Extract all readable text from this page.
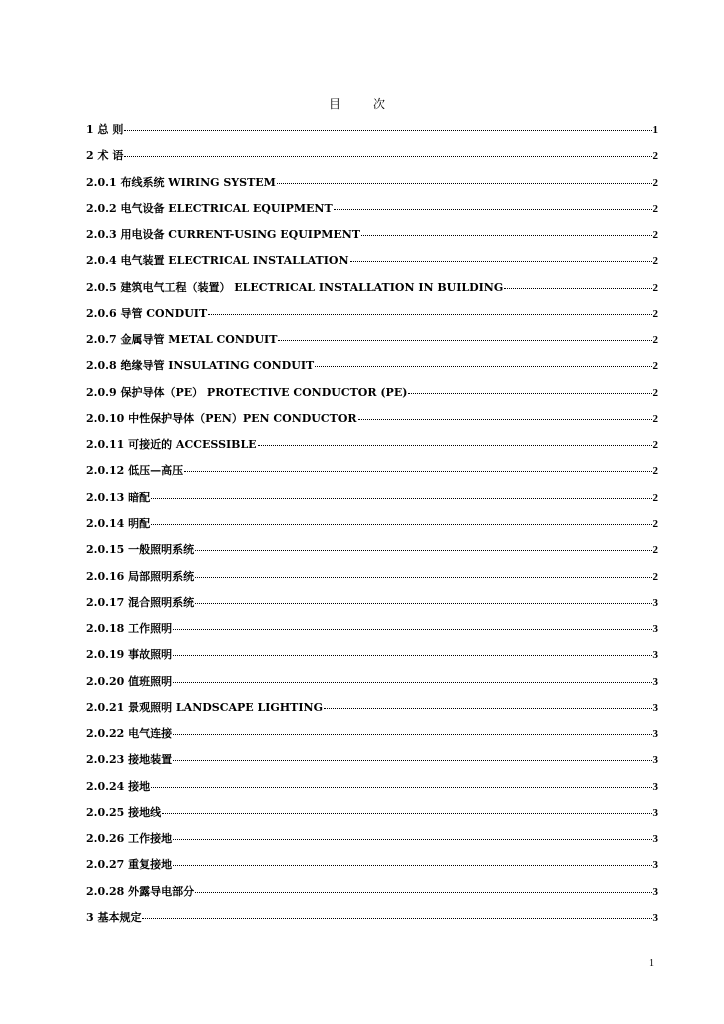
目　次
1 总 则	1
2 术 语	2
2.0.1 布线系统 WIRING SYSTEM	2
2.0.2 电气设备 ELECTRICAL EQUIPMENT	2
2.0.3 用电设备 CURRENT-USING EQUIPMENT	2
2.0.4 电气装置 ELECTRICAL INSTALLATION	2
2.0.5 建筑电气工程（装置） ELECTRICAL INSTALLATION IN BUILDING	2
2.0.6 导管 CONDUIT	2
2.0.7 金属导管 METAL CONDUIT	2
2.0.8 绝缘导管 INSULATING CONDUIT	2
2.0.9 保护导体（PE） PROTECTIVE CONDUCTOR (PE)	2
2.0.10 中性保护导体（PEN）PEN CONDUCTOR	2
2.0.11 可接近的 ACCESSIBLE	2
2.0.12 低压—高压	2
2.0.13 暗配	2
2.0.14 明配	2
2.0.15 一般照明系统	2
2.0.16 局部照明系统	2
2.0.17 混合照明系统	3
2.0.18 工作照明	3
2.0.19 事故照明	3
2.0.20 值班照明	3
2.0.21 景观照明 LANDSCAPE LIGHTING	3
2.0.22 电气连接	3
2.0.23 接地装置	3
2.0.24 接地	3
2.0.25 接地线	3
2.0.26 工作接地	3
2.0.27 重复接地	3
2.0.28 外露导电部分	3
3 基本规定	3
1
